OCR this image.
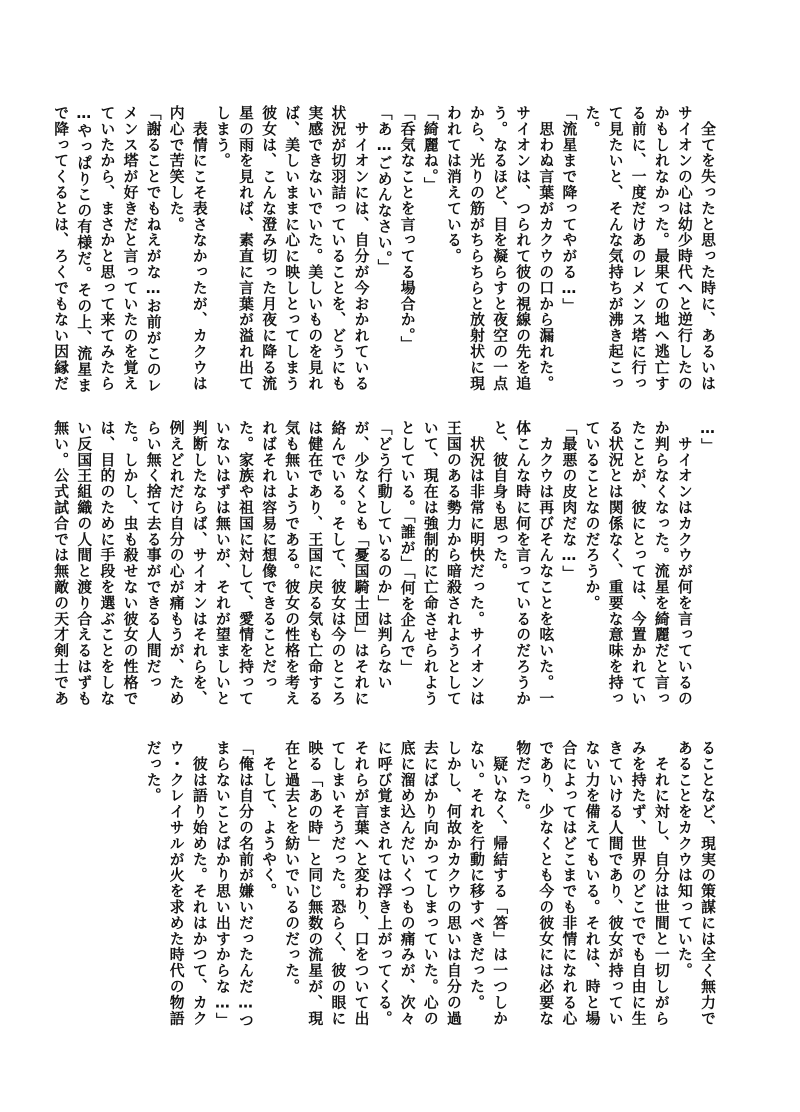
　全てを失ったと思った時に、あるいは
サイオンの心は幼少時代へと逆行したの
かもしれなかった。最果ての地へ逃亡す
る前に、一度だけあのレメンス塔に行っ
て見たいと、そんな気持ちが沸き起こっ
た。
「流星まで降ってやがる…」
　思わぬ言葉がカクウの口から漏れた。
サイオンは、つられて彼の視線の先を追
う。なるほど、目を凝らすと夜空の一点
から、光りの筋がちらちらと放射状に現
われては消えている。
「綺麗ね。」
「呑気なことを言ってる場合か。」
「あ…ごめんなさい。」
　サイオンには、自分が今おかれている
状況が切羽詰っていることを、どうにも
実感できないでいた。美しいものを見れ
ば、美しいままに心に映しとってしまう
彼女は、こんな澄み切った月夜に降る流
星の雨を見れば、素直に言葉が溢れ出て
しまう。
　表情にこそ表さなかったが、カクウは
内心で苦笑した。
「謝ることでもねえがな…お前がこのレ
メンス塔が好きだと言っていたのを覚え
ていたから、まさかと思って来てみたら
…やっぱりこの有様だ。その上、流星ま
で降ってくるとは、ろくでもない因縁だ
…」
　サイオンはカクウが何を言っているの
か判らなくなった。流星を綺麗だと言っ
たことが、彼にとっては、今置かれてい
る状況とは関係なく、重要な意味を持っ
ていることなのだろうか。
「最悪の皮肉だな…」
　カクウは再びそんなことを呟いた。一
体こんな時に何を言っているのだろうか
と、彼自身も思った。
　状況は非常に明快だった。サイオンは
王国のある勢力から暗殺されようとして
いて、現在は強制的に亡命させられよう
としている。「誰が」「何を企んで」
「どう行動しているのか」は判らない
が、少なくとも「憂国騎士団」はそれに
絡んでいる。そして、彼女は今のところ
は健在であり、王国に戻る気も亡命する
気も無いようである。彼女の性格を考え
ればそれは容易に想像できることだっ
た。家族や祖国に対して、愛情を持って
いないはずは無いが、それが望ましいと
判断したならば、サイオンはそれらを、
例えどれだけ自分の心が痛もうが、ため
らい無く捨て去る事ができる人間だっ
た。しかし、虫も殺せない彼女の性格で
は、目的のために手段を選ぶことをしな
い反国王組織の人間と渡り合えるはずも
無い。公式試合では無敵の天才剣士であ
ることなど、現実の策謀には全く無力で
あることをカクウは知っていた。
　それに対し、自分は世間と一切しがら
みを持たず、世界のどこででも自由に生
きていける人間であり、彼女が持ってい
ない力を備えてもいる。それは、時と場
合によってはどこまでも非情になれる心
であり、少なくとも今の彼女には必要な
物だった。
　疑いなく、帰結する「答」は一つしか
ない。それを行動に移すべきだった。
しかし、何故かカクウの思いは自分の過
去にばかり向かってしまっていた。心の
底に溜め込んだいくつもの痛みが、次々
に呼び覚まされては浮き上がってくる。
それらが言葉へと変わり、口をついて出
てしまいそうだった。恐らく、彼の眼に
映る「あの時」と同じ無数の流星が、現
在と過去とを紡いでいるのだった。
　そして、ようやく。
「俺は自分の名前が嫌いだったんだ…つ
まらないことばかり思い出すからな…」
　彼は語り始めた。それはかつて、カク
ウ・クレイサルが火を求めた時代の物語
だった。
